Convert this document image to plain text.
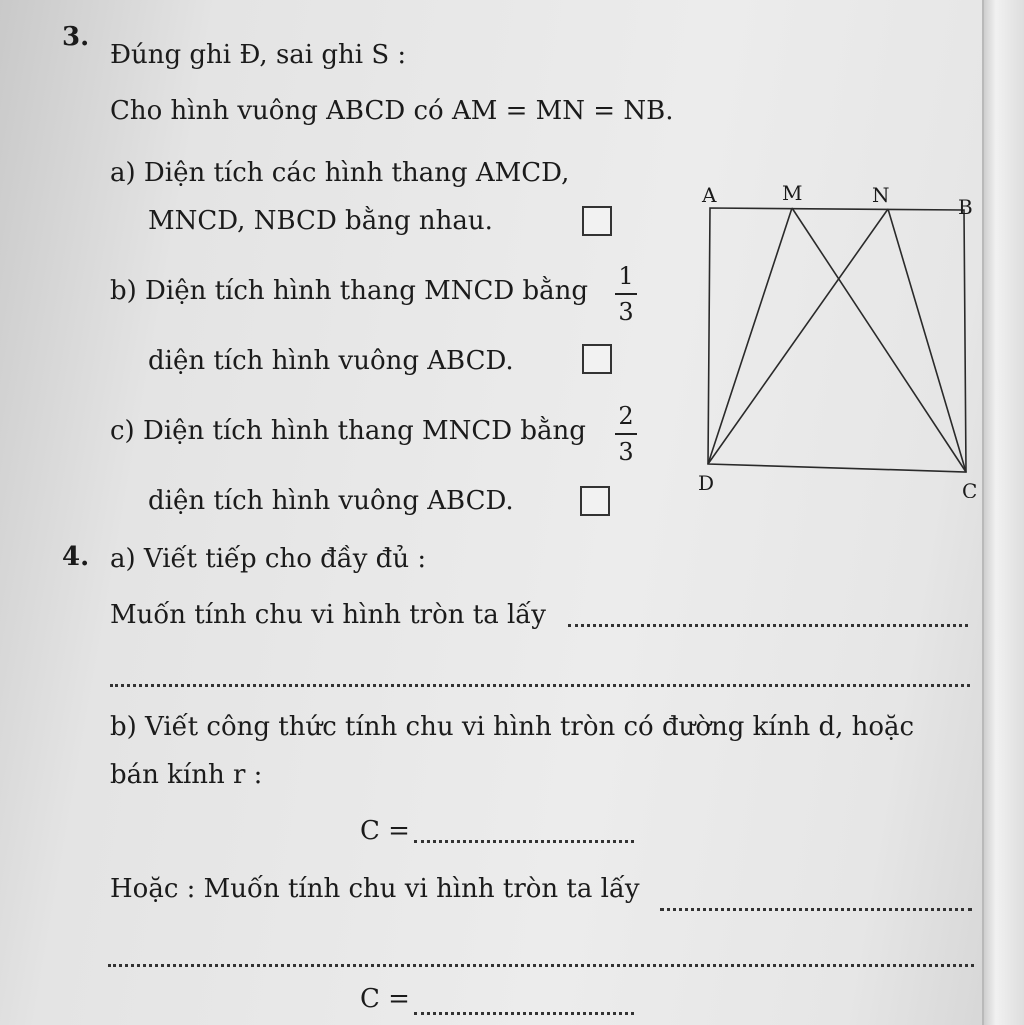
3.
Đúng ghi Đ, sai ghi S :
Cho hình vuông ABCD có AM = MN = NB.
a) Diện tích các hình thang AMCD,
MNCD, NBCD bằng nhau.
b) Diện tích hình thang MNCD bằng 1
3
diện tích hình vuông ABCD.
c) Diện tích hình thang MNCD bằng 2
3
diện tích hình vuông ABCD.
A	M	N	B
D	C
4. a) Viết tiếp cho đầy đủ :
Muốn tính chu vi hình tròn ta lấy
b) Viết công thức tính chu vi hình tròn có đường kính d, hoặc
bán kính r :
C =
Hoặc : Muốn tính chu vi hình tròn ta lấy
C =
